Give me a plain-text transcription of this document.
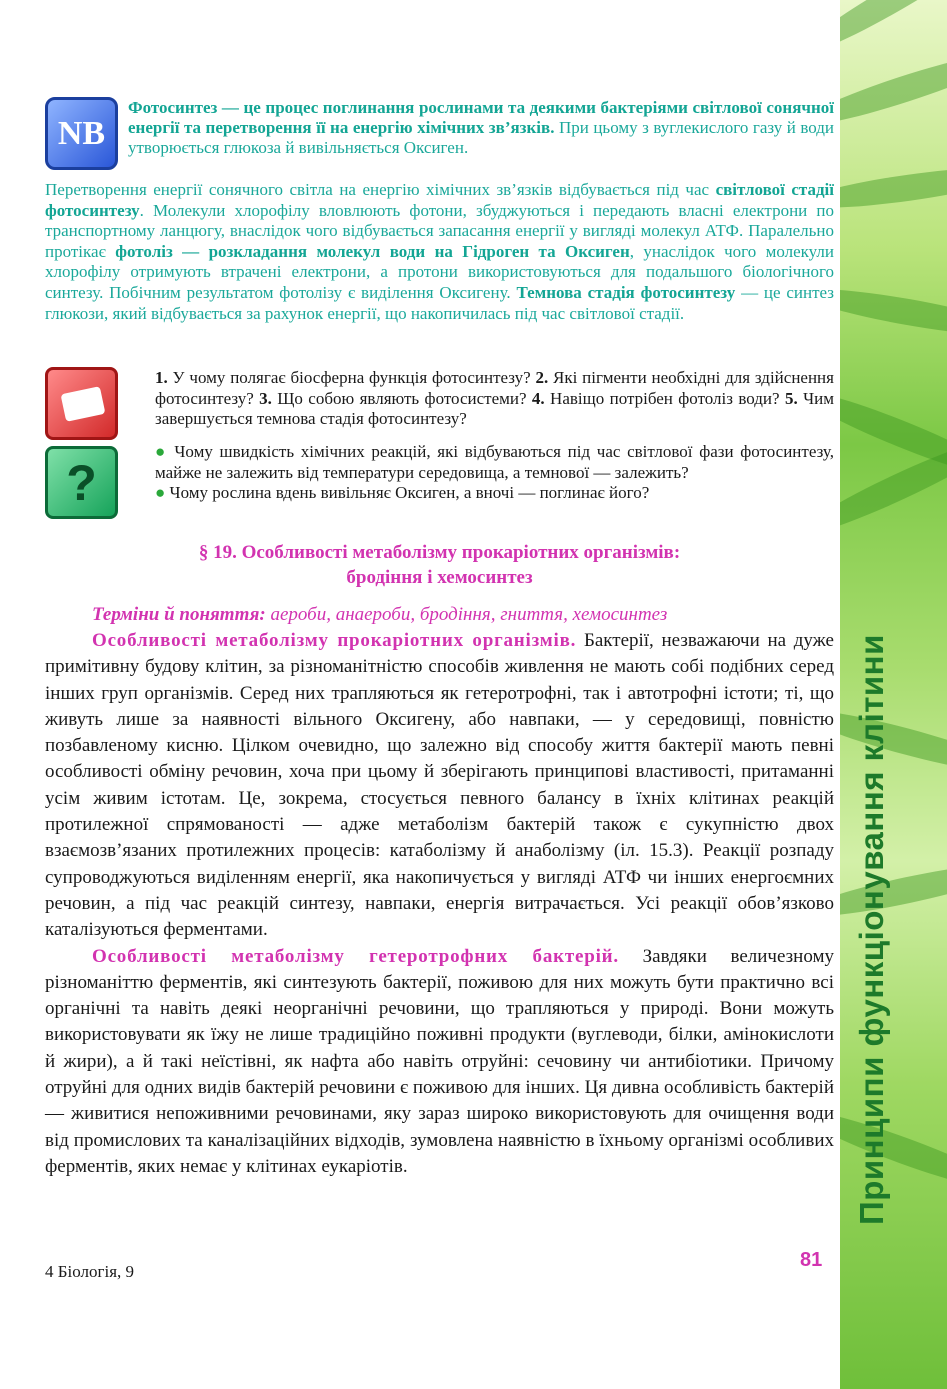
Принципи функціонування клітини
NB
Фотосинтез — це процес поглинання рослинами та деякими бактеріями світлової сонячної енергії та перетворення її на енергію хімічних зв’язків. При цьому з вуглекислого газу й води утворюється глюкоза й вивільняється Оксиген.
Перетворення енергії сонячного світла на енергію хімічних зв’язків відбувається під час світлової стадії фотосинтезу. Молекули хлорофілу вловлюють фотони, збуджуються і передають власні електрони по транспортному ланцюгу, внаслідок чого відбувається запасання енергії у вигляді молекул АТФ. Паралельно протікає фотоліз — розкладання молекул води на Гідроген та Оксиген, унаслідок чого молекули хлорофілу отримують втрачені електрони, а протони використовуються для подальшого біологічного синтезу. Побічним результатом фотолізу є виділення Оксигену. Темнова стадія фотосинтезу — це синтез глюкози, який відбувається за рахунок енергії, що накопичилась під час світлової стадії.
1. У чому полягає біосферна функція фотосинтезу? 2. Які пігменти необхідні для здійснення фотосинтезу? 3. Що собою являють фотосистеми? 4. Навіщо потрібен фотоліз води? 5. Чим завершується темнова стадія фотосинтезу?
?
● Чому швидкість хімічних реакцій, які відбуваються під час світлової фази фотосинтезу, майже не залежить від температури середовища, а темнової — залежить?
● Чому рослина вдень вивільняє Оксиген, а вночі — поглинає його?
§ 19. Особливості метаболізму прокаріотних організмів:
бродіння і хемосинтез
Терміни й поняття: аероби, анаероби, бродіння, гниття, хемосинтез

Особливості метаболізму прокаріотних організмів. Бактерії, незважаючи на дуже примітивну будову клітин, за різноманітністю способів живлення не мають собі подібних серед інших груп організмів. Серед них трапляються як гетеротрофні, так і автотрофні істоти; ті, що живуть лише за наявності вільного Оксигену, або навпаки, — у середовищі, повністю позбавленому кисню. Цілком очевидно, що залежно від способу життя бактерії мають певні особливості обміну речовин, хоча при цьому й зберігають принципові властивості, притаманні усім живим істотам. Це, зокрема, стосується певного балансу в їхніх клітинах реакцій протилежної спрямованості — адже метаболізм бактерій також є сукупністю двох взаємозв’язаних протилежних процесів: катаболізму й анаболізму (іл. 15.3). Реакції розпаду супроводжуються виділенням енергії, яка накопичується у вигляді АТФ чи інших енергоємних речовин, а під час реакцій синтезу, навпаки, енергія витрачається. Усі реакції обов’язково каталізуються ферментами.

Особливості метаболізму гетеротрофних бактерій. Завдяки величезному різноманіттю ферментів, які синтезують бактерії, поживою для них можуть бути практично всі органічні та навіть деякі неорганічні речовини, що трапляються у природі. Вони можуть використовувати як їжу не лише традиційно поживні продукти (вуглеводи, білки, амінокислоти й жири), а й такі неїстівні, як нафта або навіть отруйні: сечовину чи антибіотики. Причому отруйні для одних видів бактерій речовини є поживою для інших. Ця дивна особливість бактерій — живитися непоживними речовинами, яку зараз широко використовують для очищення води від промислових та каналізаційних відходів, зумовлена наявністю в їхньому організмі особливих ферментів, яких немає у клітинах еукаріотів.

4 Біологія, 9
81
